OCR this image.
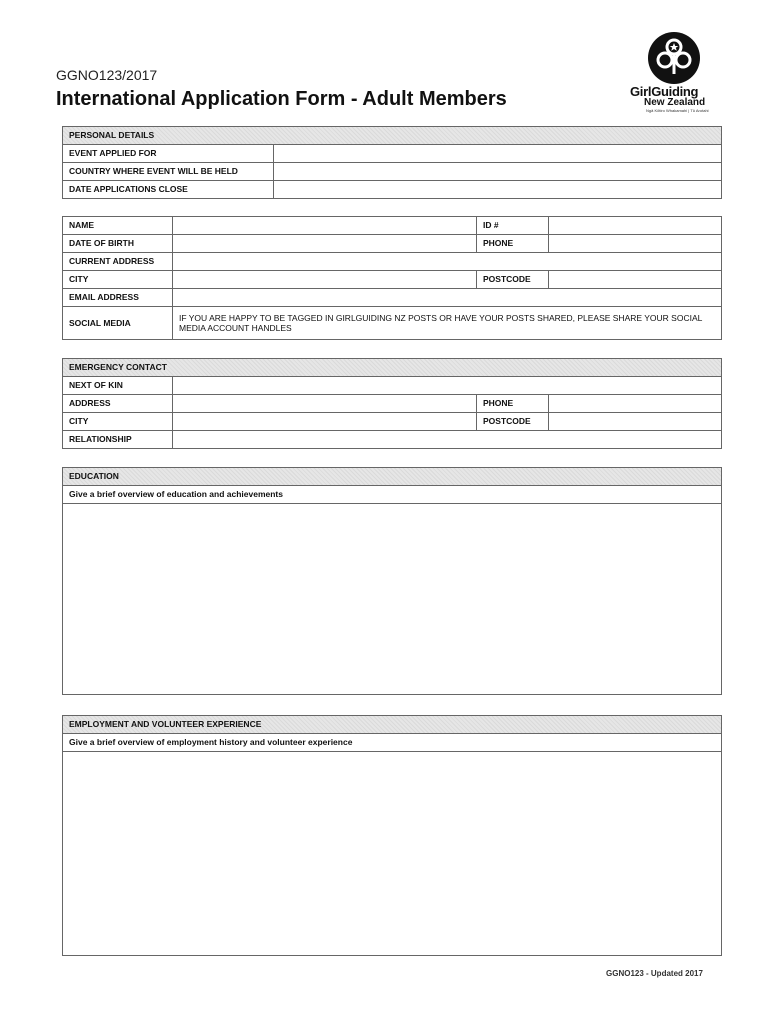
GGNO123/2017
International Application Form - Adult Members	GirlGuiding
New Zealand
Ngā Kōtiro Whakamahi | Tū Arotahi
PERSONAL DETAILS	
EVENT APPLIED FOR	
COUNTRY WHERE EVENT WILL BE HELD	
DATE APPLICATIONS CLOSE	
NAME		ID #	
DATE OF BIRTH		PHONE	
CURRENT ADDRESS			
CITY		POSTCODE	
EMAIL ADDRESS			
SOCIAL MEDIA	IF YOU ARE HAPPY TO BE TAGGED IN GIRLGUIDING NZ POSTS OR HAVE YOUR POSTS SHARED, PLEASE SHARE YOUR SOCIAL MEDIA ACCOUNT HANDLES		
EMERGENCY CONTACT			
NEXT OF KIN			
ADDRESS		PHONE	
CITY		POSTCODE	
RELATIONSHIP			
EDUCATION
Give a brief overview of education and achievements

EMPLOYMENT AND VOLUNTEER EXPERIENCE
Give a brief overview of employment history and volunteer experience

GGNO123 - Updated 2017
